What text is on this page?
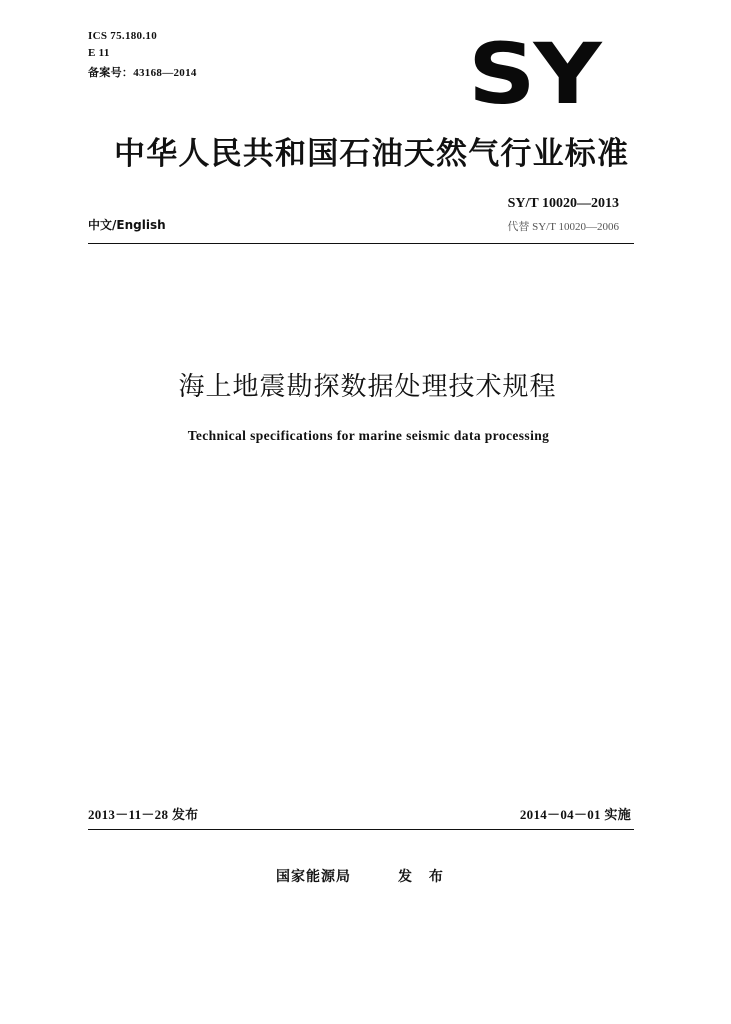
ICS 75.180.10
E 11
备案号：43168—2014	SY
中华人民共和国石油天然气行业标准
SY/T 10020—2013
中文/English	代替 SY/T 10020—2006
海上地震勘探数据处理技术规程
Technical specifications for marine seismic data processing
2013－11－28 发布	2014－04－01 实施
国家能源局	发 布
